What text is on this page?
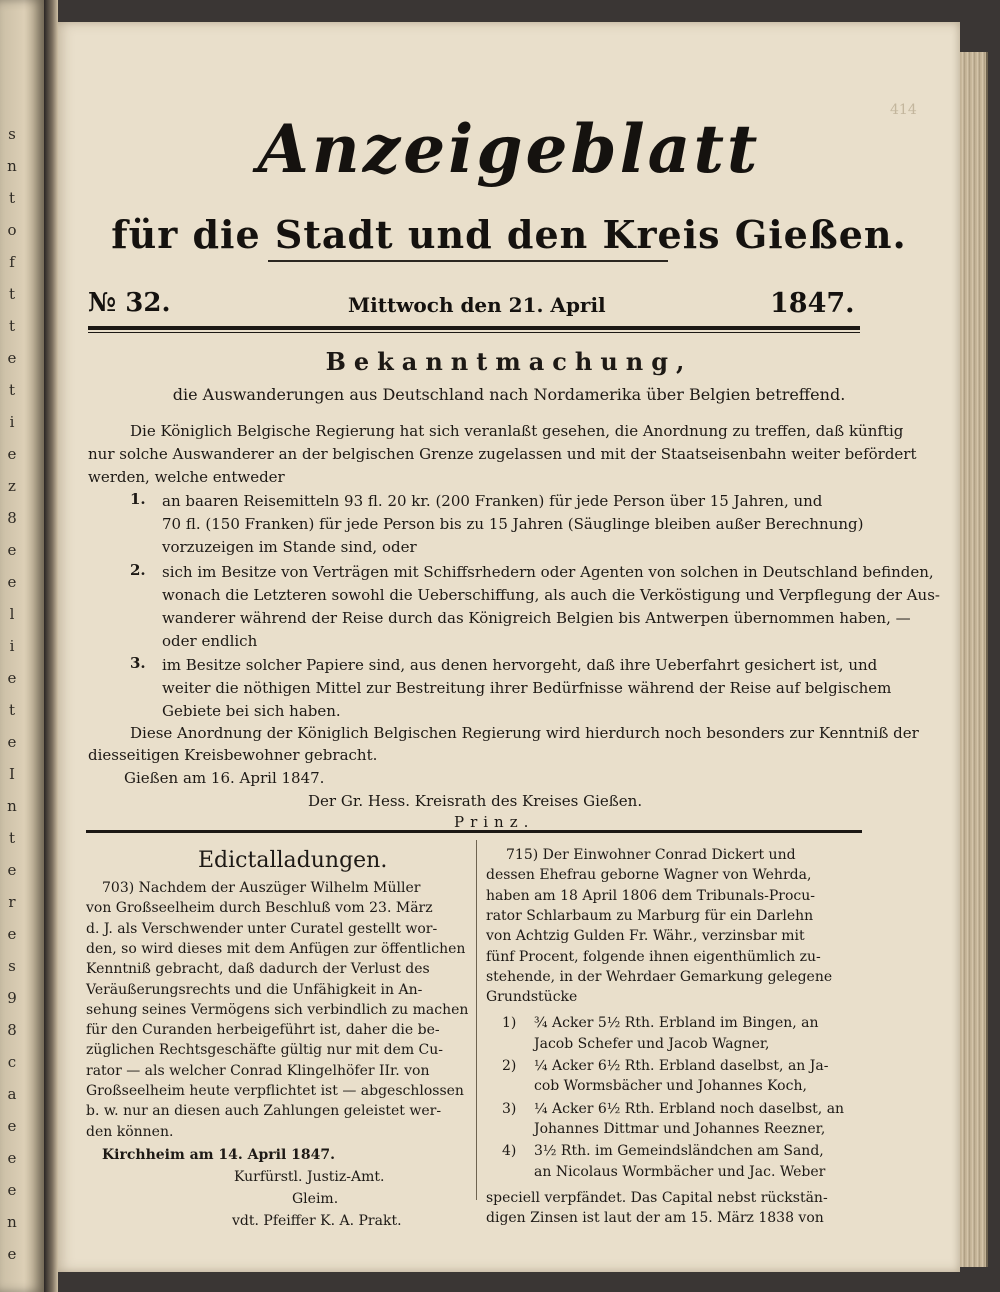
s
n
t
o
f
t
t
e
t
i
e
z
8
e
e
l
i
e
t
e
I
n
t
e
r
e
s
9
8
c
a
e
e
e
n
e
414
Anzeigeblatt
für die Stadt und den Kreis Gießen.
№ 32.	Mittwoch den 21. April	1847.
Bekanntmachung,
die Auswanderungen aus Deutschland nach Nordamerika über Belgien betreffend.
Die Königlich Belgische Regierung hat sich veranlaßt gesehen, die Anordnung zu treffen, daß künftig
nur solche Auswanderer an der belgischen Grenze zugelassen und mit der Staatseisenbahn weiter befördert
werden, welche entweder
1. an baaren Reisemitteln 93 fl. 20 kr. (200 Franken) für jede Person über 15 Jahren, und
70 fl. (150 Franken) für jede Person bis zu 15 Jahren (Säuglinge bleiben außer Berechnung)
vorzuzeigen im Stande sind, oder
2. sich im Besitze von Verträgen mit Schiffsrhedern oder Agenten von solchen in Deutschland befinden,
wonach die Letzteren sowohl die Ueberschiffung, als auch die Verköstigung und Verpflegung der Aus-
wanderer während der Reise durch das Königreich Belgien bis Antwerpen übernommen haben, —
oder endlich
3. im Besitze solcher Papiere sind, aus denen hervorgeht, daß ihre Ueberfahrt gesichert ist, und
weiter die nöthigen Mittel zur Bestreitung ihrer Bedürfnisse während der Reise auf belgischem
Gebiete bei sich haben.
Diese Anordnung der Königlich Belgischen Regierung wird hierdurch noch besonders zur Kenntniß der
diesseitigen Kreisbewohner gebracht.
Gießen am 16. April 1847.
Der Gr. Hess. Kreisrath des Kreises Gießen.
Prinz.
Edictalladungen.
703) Nachdem der Auszüger Wilhelm Müller
von Großseelheim durch Beschluß vom 23. März
d. J. als Verschwender unter Curatel gestellt wor-
den, so wird dieses mit dem Anfügen zur öffentlichen
Kenntniß gebracht, daß dadurch der Verlust des
Veräußerungsrechts und die Unfähigkeit in An-
sehung seines Vermögens sich verbindlich zu machen
für den Curanden herbeigeführt ist, daher die be-
züglichen Rechtsgeschäfte gültig nur mit dem Cu-
rator — als welcher Conrad Klingelhöfer IIr. von
Großseelheim heute verpflichtet ist — abgeschlossen
b. w. nur an diesen auch Zahlungen geleistet wer-
den können.
Kirchheim am 14. April 1847.
Kurfürstl. Justiz-Amt.
Gleim.
vdt. Pfeiffer K. A. Prakt.
715) Der Einwohner Conrad Dickert und
dessen Ehefrau geborne Wagner von Wehrda,
haben am 18 April 1806 dem Tribunals-Procu-
rator Schlarbaum zu Marburg für ein Darlehn
von Achtzig Gulden Fr. Währ., verzinsbar mit
fünf Procent, folgende ihnen eigenthümlich zu-
stehende, in der Wehrdaer Gemarkung gelegene
Grundstücke
1) ¾ Acker 5½ Rth. Erbland im Bingen, an
Jacob Schefer und Jacob Wagner,
2) ¼ Acker 6½ Rth. Erbland daselbst, an Ja-
cob Wormsbächer und Johannes Koch,
3) ¼ Acker 6½ Rth. Erbland noch daselbst, an
Johannes Dittmar und Johannes Reezner,
4) 3½ Rth. im Gemeindsländchen am Sand,
an Nicolaus Wormbächer und Jac. Weber
speciell verpfändet. Das Capital nebst rückstän-
digen Zinsen ist laut der am 15. März 1838 von
